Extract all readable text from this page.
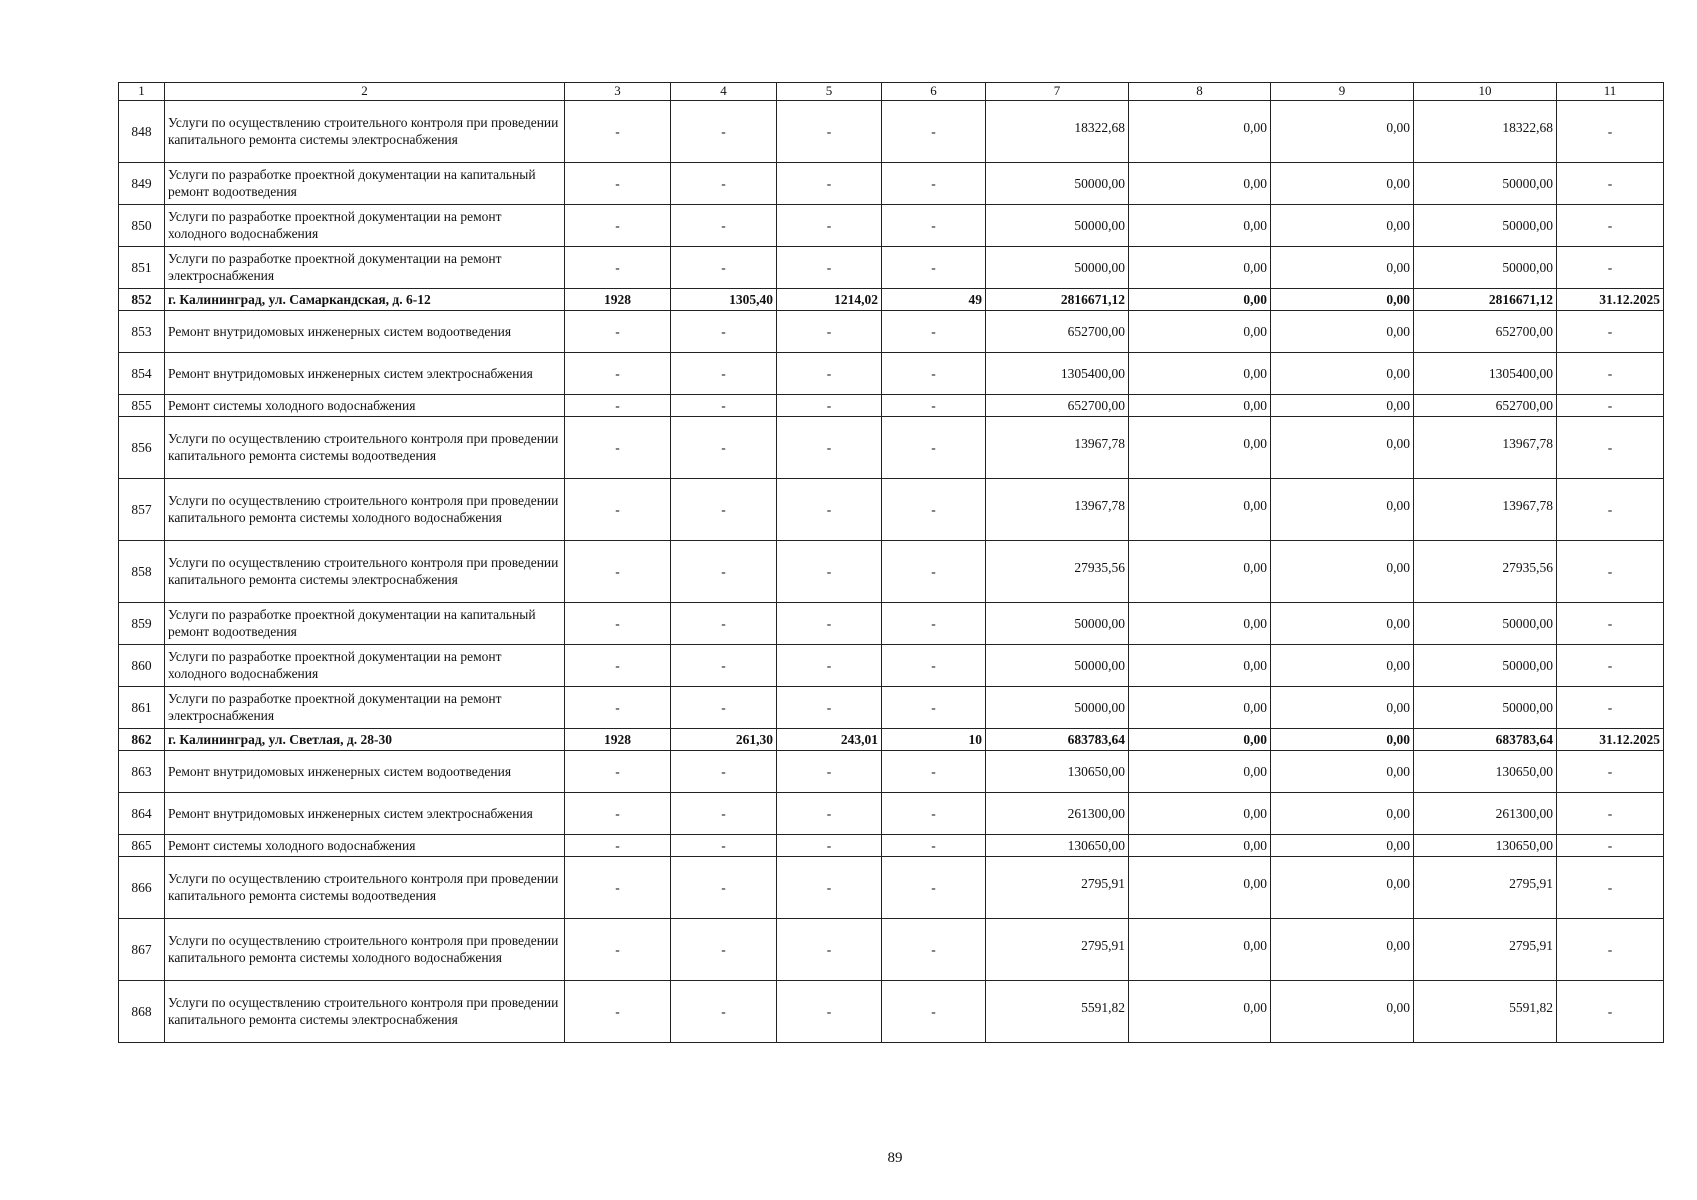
1	2	3	4	5	6	7	8	9	10	11
848	Услуги по осуществлению строительного контроля при проведении капитального ремонта системы электроснабжения	-	-	-	-	18322,68	0,00	0,00	18322,68	-
849	Услуги по разработке проектной документации на капитальный ремонт водоотведения	-	-	-	-	50000,00	0,00	0,00	50000,00	-
850	Услуги по разработке проектной документации на ремонт холодного водоснабжения	-	-	-	-	50000,00	0,00	0,00	50000,00	-
851	Услуги по разработке проектной документации на ремонт электроснабжения	-	-	-	-	50000,00	0,00	0,00	50000,00	-
852	г. Калининград, ул. Самаркандская, д. 6-12	1928	1305,40	1214,02	49	2816671,12	0,00	0,00	2816671,12	31.12.2025
853	Ремонт внутридомовых инженерных систем водоотведения	-	-	-	-	652700,00	0,00	0,00	652700,00	-
854	Ремонт внутридомовых инженерных систем электроснабжения	-	-	-	-	1305400,00	0,00	0,00	1305400,00	-
855	Ремонт системы холодного водоснабжения	-	-	-	-	652700,00	0,00	0,00	652700,00	-
856	Услуги по осуществлению строительного контроля при проведении капитального ремонта системы водоотведения	-	-	-	-	13967,78	0,00	0,00	13967,78	-
857	Услуги по осуществлению строительного контроля при проведении капитального ремонта системы холодного водоснабжения	-	-	-	-	13967,78	0,00	0,00	13967,78	-
858	Услуги по осуществлению строительного контроля при проведении капитального ремонта системы электроснабжения	-	-	-	-	27935,56	0,00	0,00	27935,56	-
859	Услуги по разработке проектной документации на капитальный ремонт водоотведения	-	-	-	-	50000,00	0,00	0,00	50000,00	-
860	Услуги по разработке проектной документации на ремонт холодного водоснабжения	-	-	-	-	50000,00	0,00	0,00	50000,00	-
861	Услуги по разработке проектной документации на ремонт электроснабжения	-	-	-	-	50000,00	0,00	0,00	50000,00	-
862	г. Калининград, ул. Светлая, д. 28-30	1928	261,30	243,01	10	683783,64	0,00	0,00	683783,64	31.12.2025
863	Ремонт внутридомовых инженерных систем водоотведения	-	-	-	-	130650,00	0,00	0,00	130650,00	-
864	Ремонт внутридомовых инженерных систем электроснабжения	-	-	-	-	261300,00	0,00	0,00	261300,00	-
865	Ремонт системы холодного водоснабжения	-	-	-	-	130650,00	0,00	0,00	130650,00	-
866	Услуги по осуществлению строительного контроля при проведении капитального ремонта системы водоотведения	-	-	-	-	2795,91	0,00	0,00	2795,91	-
867	Услуги по осуществлению строительного контроля при проведении капитального ремонта системы холодного водоснабжения	-	-	-	-	2795,91	0,00	0,00	2795,91	-
868	Услуги по осуществлению строительного контроля при проведении капитального ремонта системы электроснабжения	-	-	-	-	5591,82	0,00	0,00	5591,82	-
89
